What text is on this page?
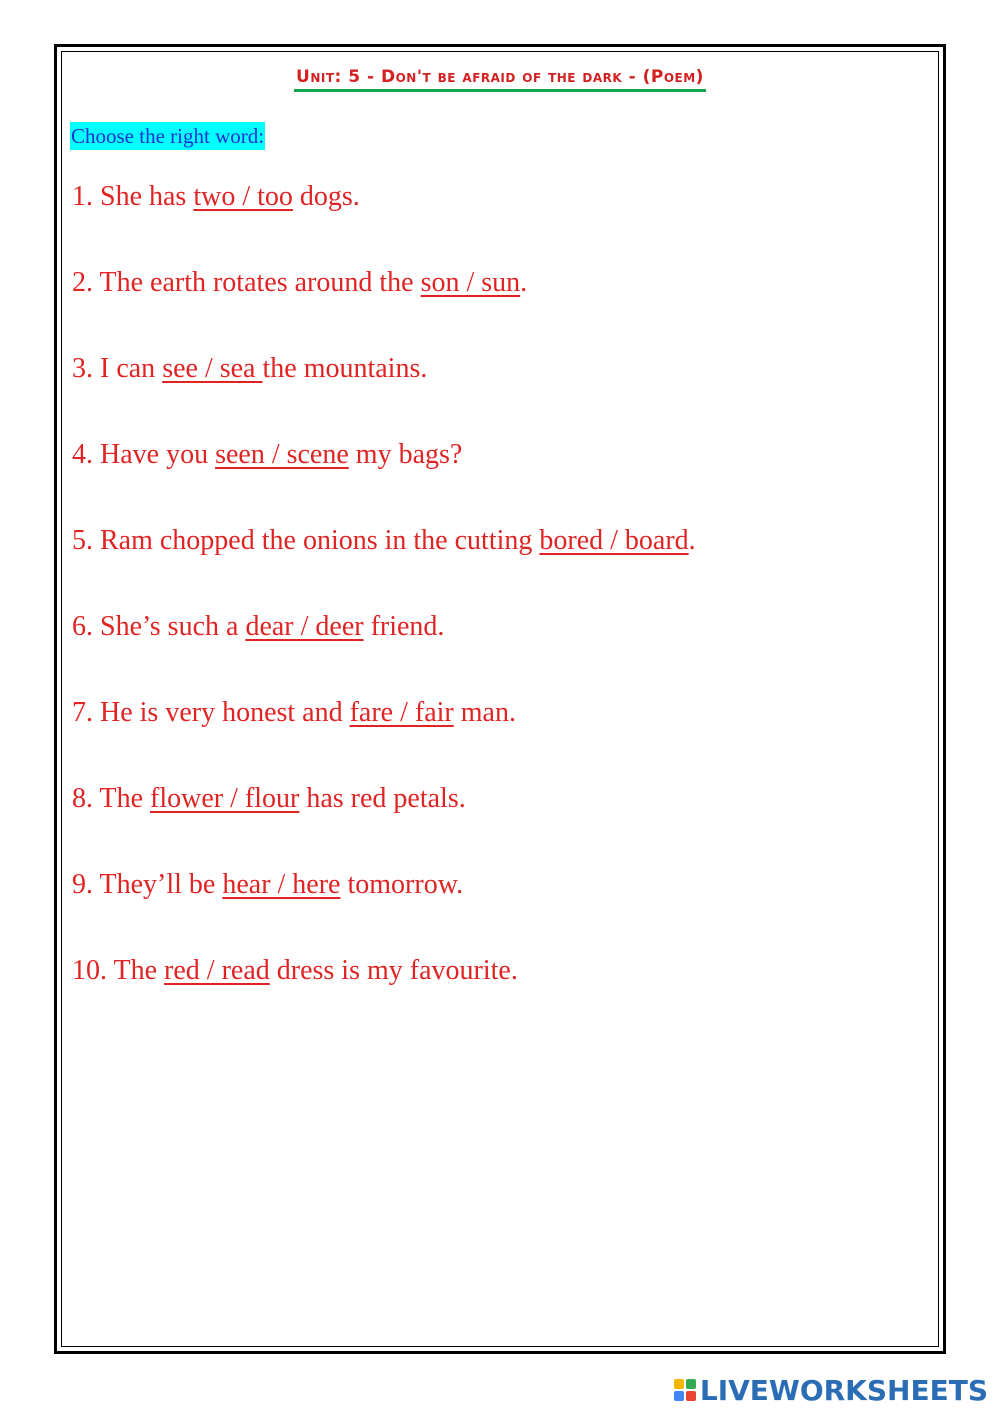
Unit: 5 - Don't be afraid of the dark - (Poem)
Choose the right word:
1. She has two / too dogs.
2. The earth rotates around the son / sun.
3. I can see / sea the mountains.
4. Have you seen / scene my bags?
5. Ram chopped the onions in the cutting bored / board.
6. She’s such a dear / deer friend.
7. He is very honest and fare / fair man.
8. The flower / flour has red petals.
9. They’ll be hear / here tomorrow.
10. The red / read dress is my favourite.
LIVEWORKSHEETS
